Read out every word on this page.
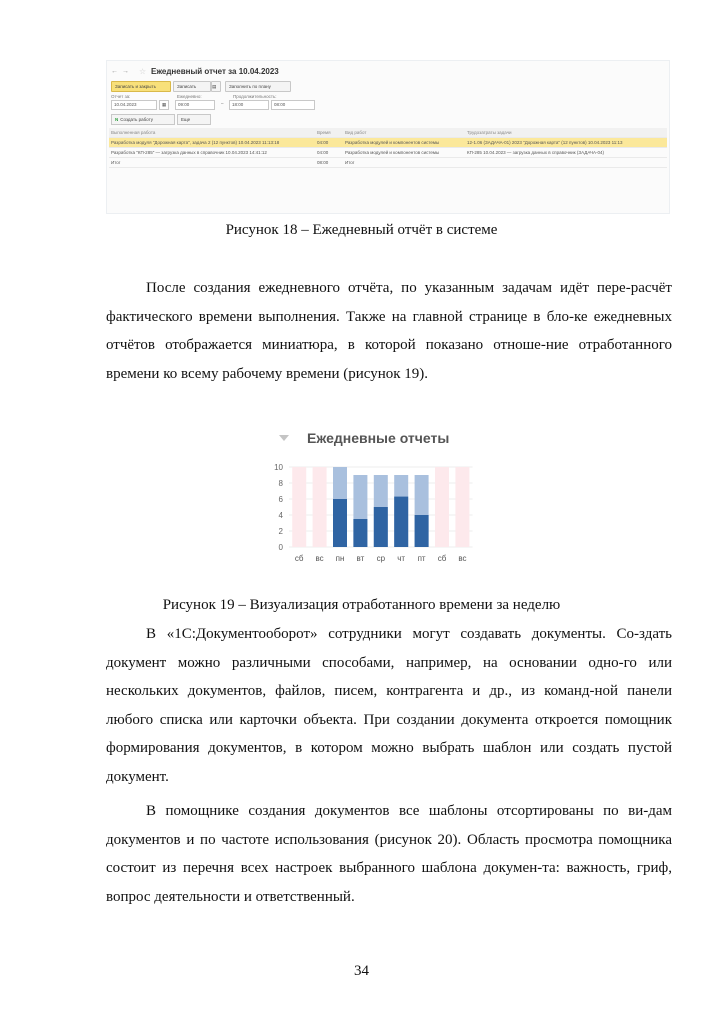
← →	☆ Ежедневный отчет за 10.04.2023
Записать и закрыть	Записать	▤	Заполнить по плану
Отчет за:	Ежедневно:	Продолжительность:
10.04.2023	▦	09:00	–	18:00	08:00
N Создать работу	Еще
Выполненная работа	Время	Вид работ	Трудозатраты задачи
Разработка модуля "Дорожная карта", задача 2 (12 пунктов) 10.04.2023 11:13:18	04:00	Разработка модулей и компонентов системы	12-1.06 (ЗАДАЧА-01) 2023 "Дорожная карта" (12 пунктов) 10.04.2023 11:13
Разработка "КП-285" — загрузка данных в справочник 10.04.2023 14:41:12	04:00	Разработка модулей и компонентов системы	КП-285 10.04.2023 — загрузка данных в справочник (ЗАДАЧА-04)
Итог	08:00	Итог
Рисунок 18 – Ежедневный отчёт в системе

После создания ежедневного отчёта, по указанным задачам идёт пере-расчёт фактического времени выполнения. Также на главной странице в бло-ке ежедневных отчётов отображается миниатюра, в которой показано отноше-ние отработанного времени ко всему рабочему времени (рисунок 19).

Ежедневные отчеты
0
2
4
6
8
10
сб вс пн вт ср чт пт сб вс
Рисунок 19 – Визуализация отработанного времени за неделю

В «1С:Документооборот» сотрудники могут создавать документы. Со-здать документ можно различными способами, например, на основании одно-го или нескольких документов, файлов, писем, контрагента и др., из команд-ной панели любого списка или карточки объекта. При создании документа откроется помощник формирования документов, в котором можно выбрать шаблон или создать пустой документ.

В помощнике создания документов все шаблоны отсортированы по ви-дам документов и по частоте использования (рисунок 20). Область просмотра помощника состоит из перечня всех настроек выбранного шаблона докумен-та: важность, гриф, вопрос деятельности и ответственный.

34
